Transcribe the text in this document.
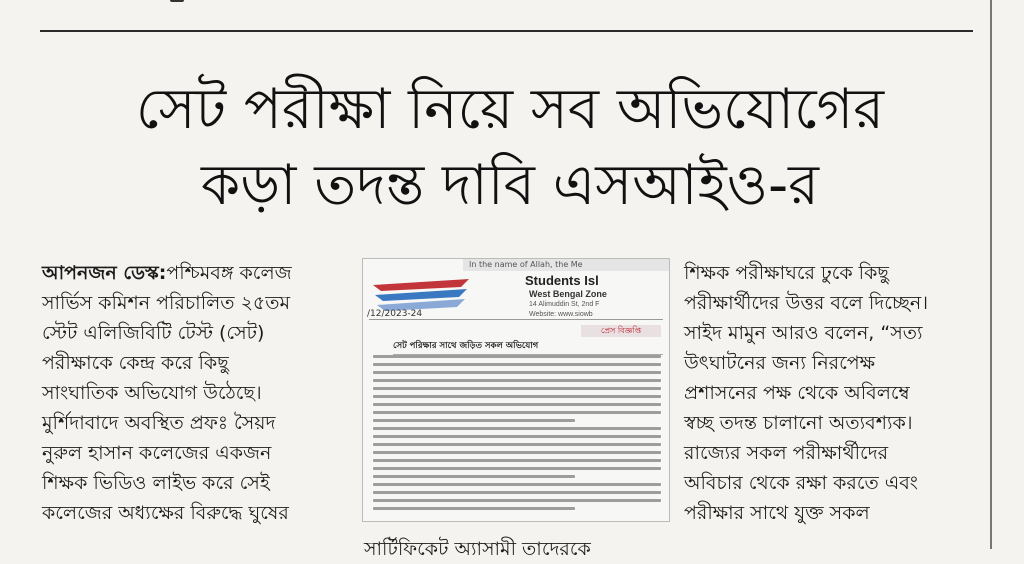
সেট পরীক্ষা নিয়ে সব অভিযোগের
কড়া তদন্ত দাবি এসআইও-র

আপনজন ডেস্ক:পশ্চিমবঙ্গ কলেজ
সার্ভিস কমিশন পরিচালিত ২৫তম
স্টেট এলিজিবিটি টেস্ট (সেট)
পরীক্ষাকে কেন্দ্র করে কিছু
সাংঘাতিক অভিযোগ উঠেছে।
মুর্শিদাবাদে অবস্থিত প্রফঃ সৈয়দ
নুরুল হাসান কলেজের একজন
শিক্ষক ভিডিও লাইভ করে সেই
কলেজের অধ্যক্ষের বিরুদ্ধে ঘুষের

In the name of Allah, the Me
Students Isl
West Bengal Zone
14 Alimuddin St, 2nd F
Website: www.siowb
/12/2023-24
প্রেস বিজ্ঞপ্তি
সেট পরিক্ষার সাথে জড়িত সকল অভিযোগ

শিক্ষক পরীক্ষাঘরে ঢুকে কিছু
পরীক্ষার্থীদের উত্তর বলে দিচ্ছেন।
সাইদ মামুন আরও বলেন, “সত্য
উৎঘাটনের জন্য নিরপেক্ষ
প্রশাসনের পক্ষ থেকে অবিলম্বে
স্বচ্ছ তদন্ত চালানো অত্যবশ্যক।
রাজ্যের সকল পরীক্ষার্থীদের
অবিচার থেকে রক্ষা করতে এবং
পরীক্ষার সাথে যুক্ত সকল

সার্টিফিকেট অ্যাসামী তাদেরকে
